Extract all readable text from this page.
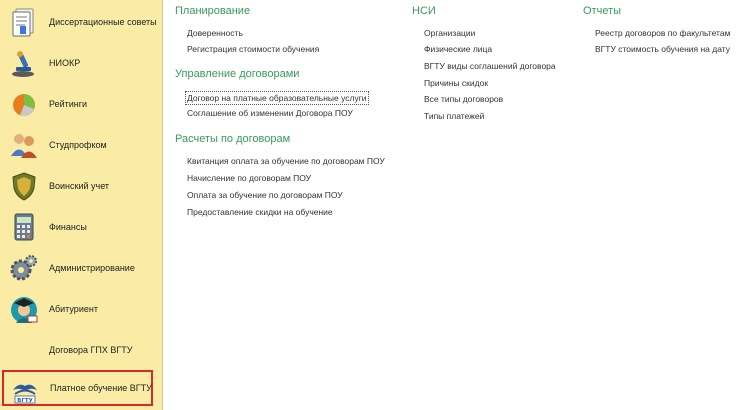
Диссертационные советы
НИОКР
Рейтинги
Студпрофком
Воинский учет
Финансы
Администрирование
Абитуриент
Договора ГПХ ВГТУ
ВГТУ
Платное обучение ВГТУ
Планирование
Доверенность
Регистрация стоимости обучения
Управление договорами
Договор на платные образовательные услуги
Соглашение об изменении Договора ПОУ
Расчеты по договорам
Квитанция оплата за обучение по договорам ПОУ
Начисление по договорам ПОУ
Оплата за обучение по договорам ПОУ
Предоставление скидки на обучение
НСИ
Организации
Физические лица
ВГТУ виды соглашений договора
Причины скидок
Все типы договоров
Типы платежей
Отчеты
Реестр договоров по факультетам
ВГТУ стоимость обучения на дату
